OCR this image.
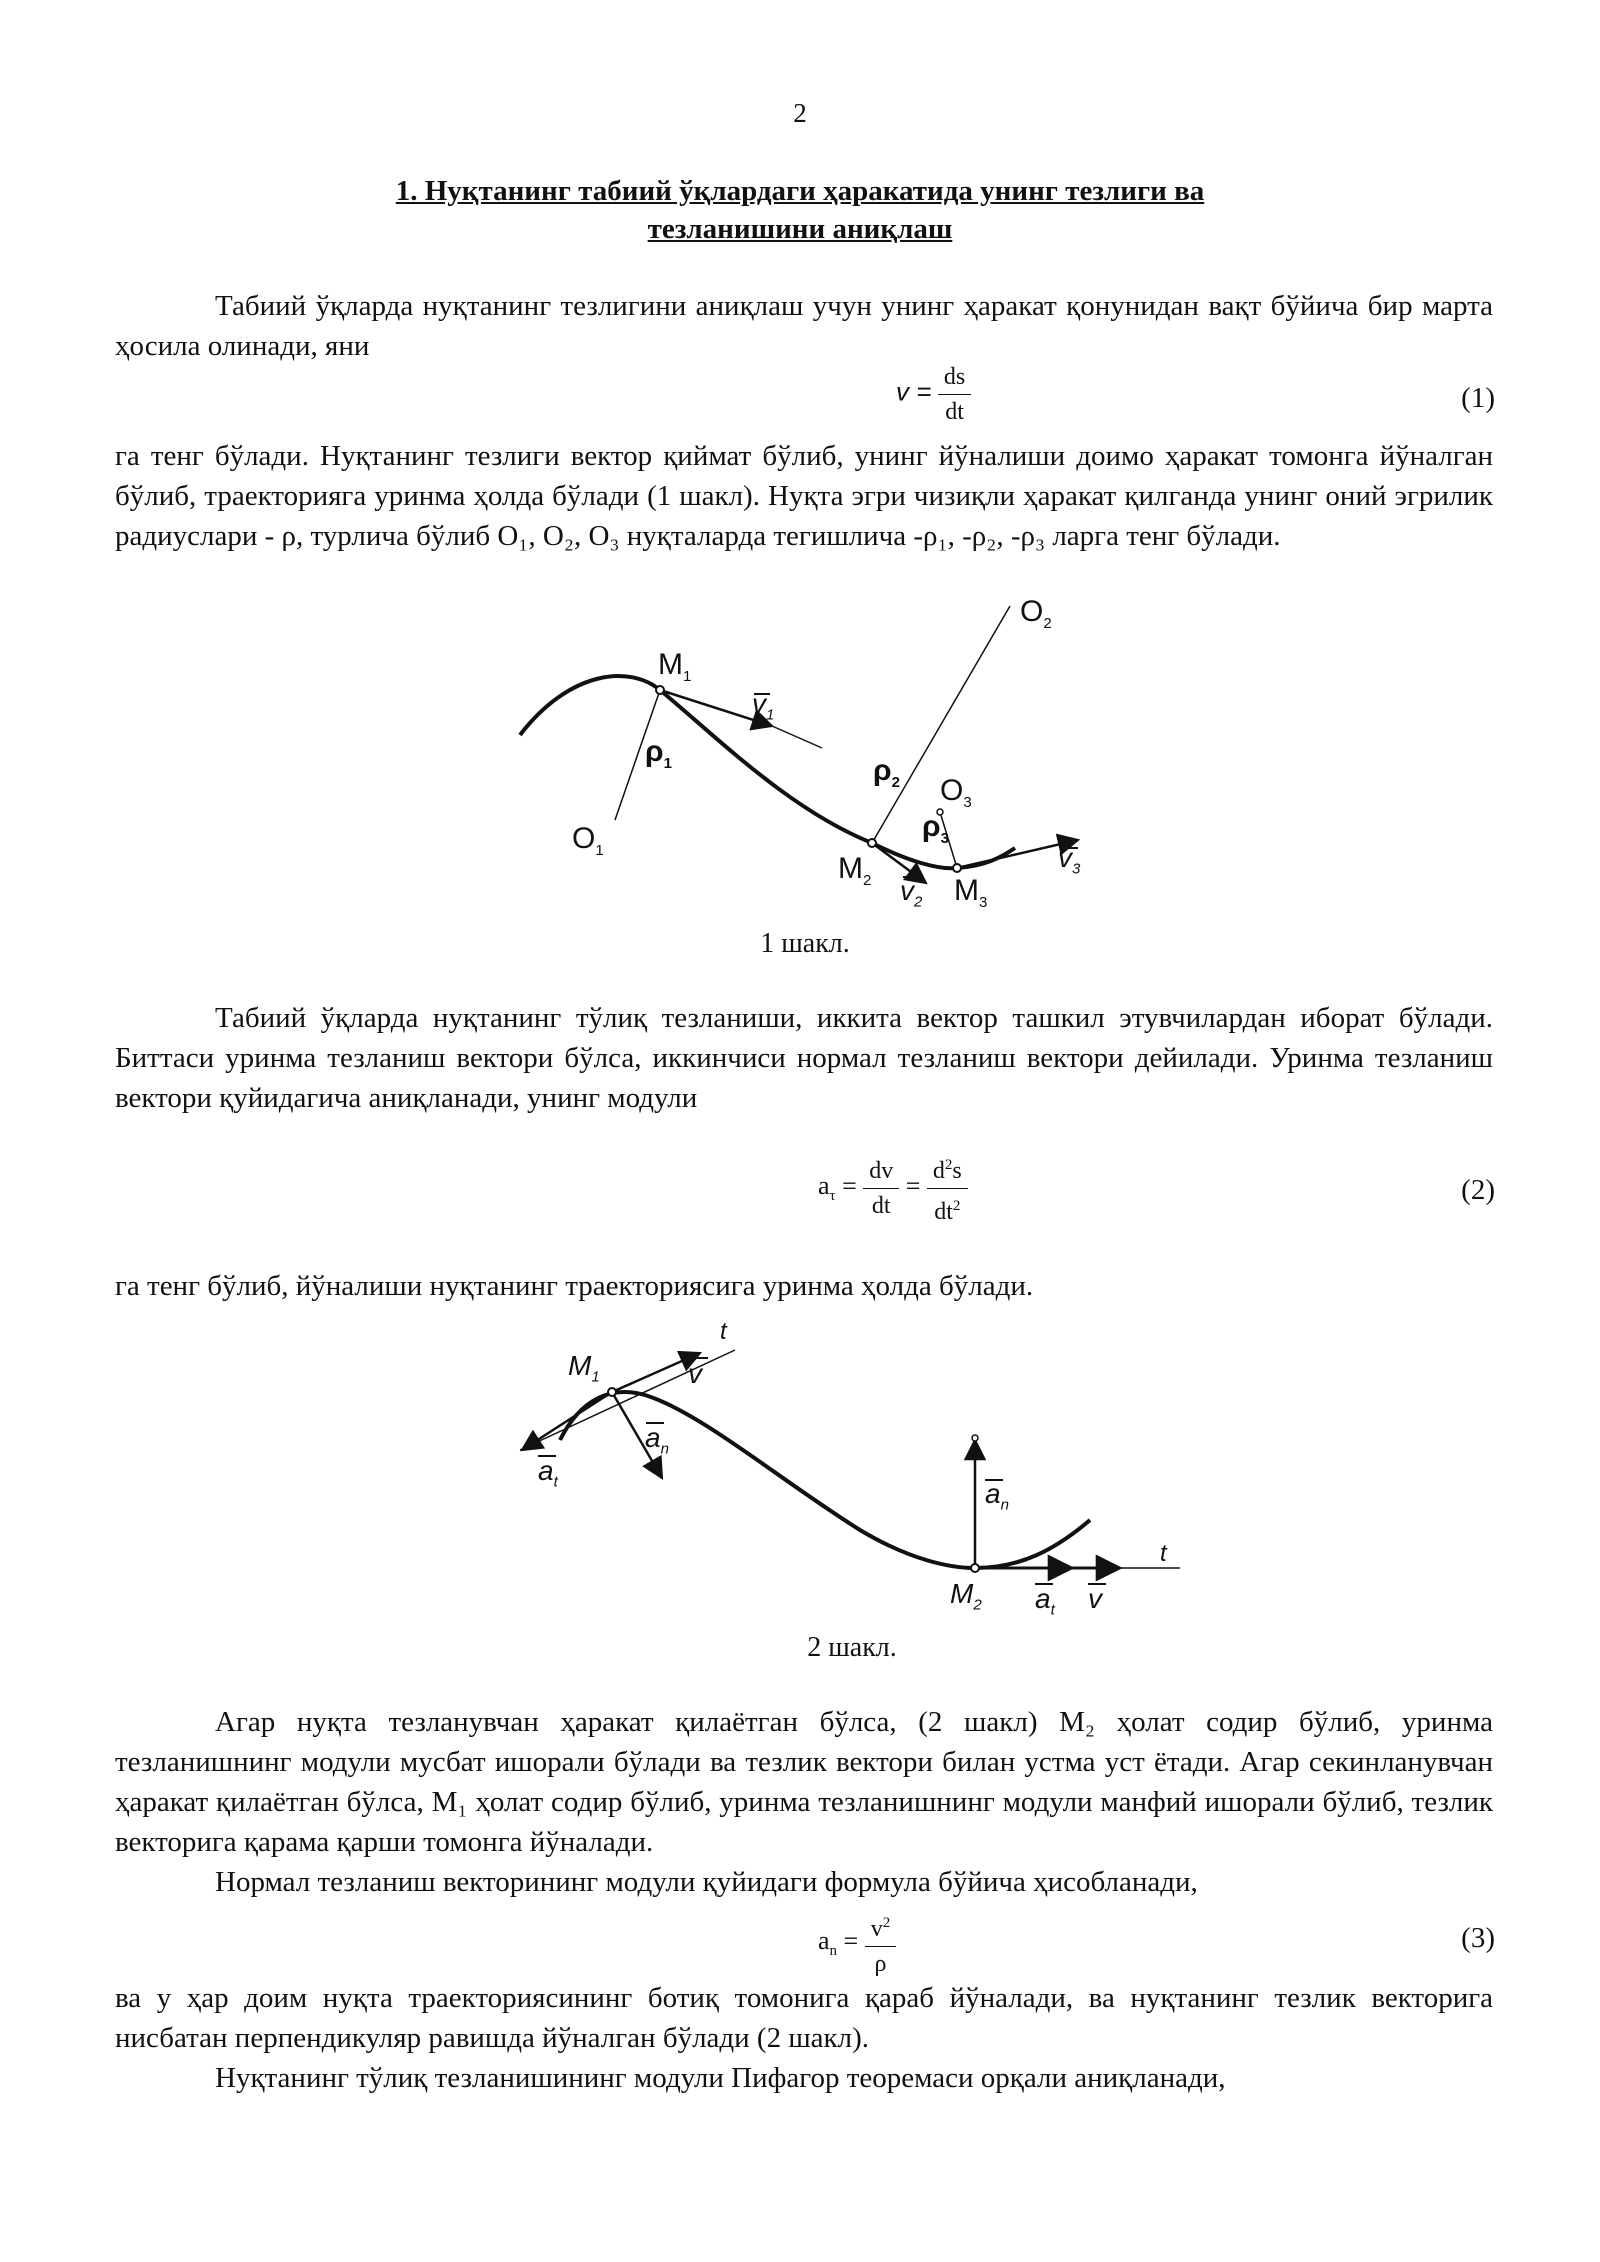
2
1. Нуқтанинг табиий ўқлардаги ҳаракатида унинг тезлиги ва
тезланишини аниқлаш
Табиий ўқларда нуқтанинг тезлигини аниқлаш учун унинг ҳаракат қонунидан вақт бўйича бир марта ҳосила олинади, яни
$v = \frac{ds}{dt}$	(1)
га тенг бўлади. Нуқтанинг тезлиги вектор қиймат бўлиб, унинг йўналиши доимо ҳаракат томонга йўналган бўлиб, траекторияга уринма ҳолда бўлади (1 шакл). Нуқта эгри чизиқли ҳаракат қилганда унинг оний эгрилик радиуслари - ρ, турлича бўлиб O₁, O₂, O₃ нуқталарда тегишлича -ρ₁, -ρ₂, -ρ₃ ларга тенг бўлади.
$M_1$
$v_1$
$\rho_1$
$O_1$
$O_2$
$\rho_2$ $O_3$
$\rho_3$
$M_2$ $v_2$ $M_3$
$v_3$
1 шакл.
Табиий ўқларда нуқтанинг тўлиқ тезланиши, иккита вектор ташкил этувчилардан иборат бўлади. Биттаси уринма тезланиш вектори бўлса, иккинчиси нормал тезланиш вектори дейилади. Уринма тезланиш вектори қуйидагича аниқланади, унинг модули
$a_\tau = \frac{dv}{dt} = \frac{d^2s}{dt^2}$	(2)
га тенг бўлиб, йўналиши нуқтанинг траекториясига уринма ҳолда бўлади.
$M_1$
t
v
$a_n$
$a_t$	$a_n$
t
$M_2$ $a_t$ v
2 шакл.
Агар нуқта тезланувчан ҳаракат қилаётган бўлса, (2 шакл) M₂ ҳолат содир бўлиб, уринма тезланишнинг модули мусбат ишорали бўлади ва тезлик вектори билан устма уст ётади. Агар секинланувчан ҳаракат қилаётган бўлса, M₁ ҳолат содир бўлиб, уринма тезланишнинг модули манфий ишорали бўлиб, тезлик векторига қарама қарши томонга йўналади.
Нормал тезланиш векторининг модули қуйидаги формула бўйича ҳисобланади,
$a_n = \frac{v^2}{\rho}$	(3)
ва у ҳар доим нуқта траекториясининг ботиқ томонига қараб йўналади, ва нуқтанинг тезлик векторига нисбатан перпендикуляр равишда йўналган бўлади (2 шакл).
Нуқтанинг тўлиқ тезланишининг модули Пифагор теоремаси орқали аниқланади,
